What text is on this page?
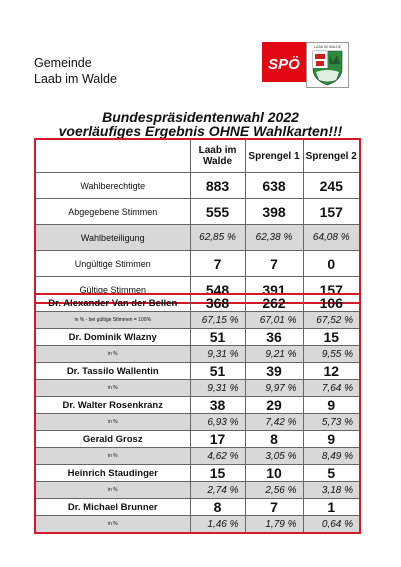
Gemeinde
Laab im Walde
SPÖ
LAAB IM WALDE
Bundespräsidentenwahl 2022
voerläufiges Ergebnis OHNE Wahlkarten!!!
	Laab im Walde	Sprengel 1	Sprengel 2
Wahlberechtigte	883	638	245
Abgegebene Stimmen	555	398	157
Wahlbeteiligung	62,85 %	62,38 %	64,08 %
Ungültige Stimmen	7	7	0
Gültige Stimmen	548	391	157
Dr. Alexander Van der Bellen	368	262	106
in % - bei gültige Stimmen = 100%	67,15 %	67,01 %	67,52 %
Dr. Dominik Wlazny	51	36	15
in %	9,31 %	9,21 %	9,55 %
Dr. Tassilo Wallentin	51	39	12
in %	9,31 %	9,97 %	7,64 %
Dr. Walter Rosenkranz	38	29	9
in %	6,93 %	7,42 %	5,73 %
Gerald Grosz	17	8	9
in %	4,62 %	3,05 %	8,49 %
Heinrich Staudinger	15	10	5
in %	2,74 %	2,56 %	3,18 %
Dr. Michael Brunner	8	7	1
in %	1,46 %	1,79 %	0,64 %
